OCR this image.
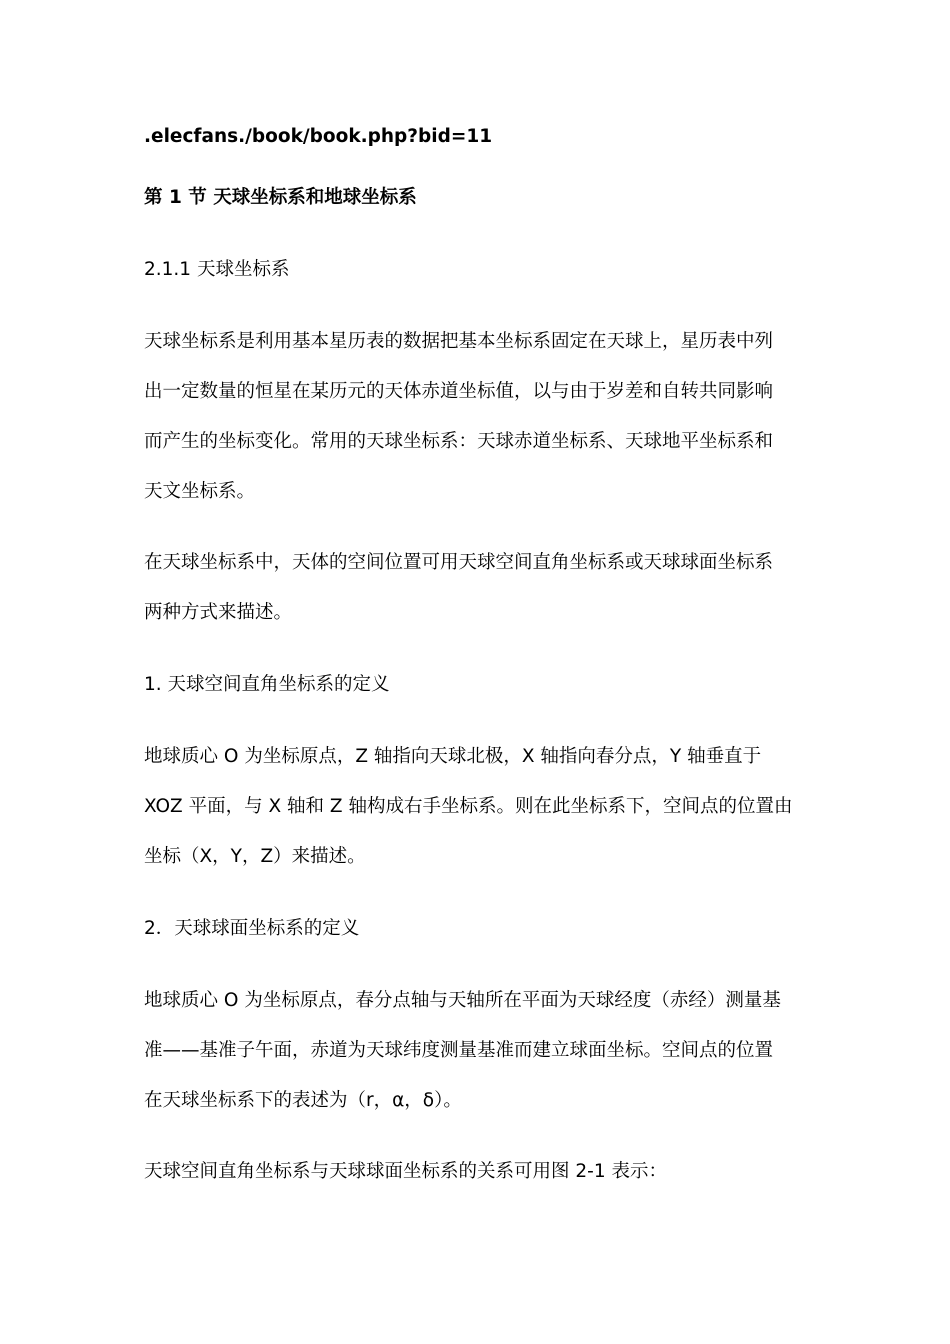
.elecfans./book/book.php?bid=11
第 1 节 天球坐标系和地球坐标系
2.1.1 天球坐标系
天球坐标系是利用基本星历表的数据把基本坐标系固定在天球上，星历表中列
出一定数量的恒星在某历元的天体赤道坐标值，以与由于岁差和自转共同影响
而产生的坐标变化。常用的天球坐标系：天球赤道坐标系、天球地平坐标系和
天文坐标系。
在天球坐标系中，天体的空间位置可用天球空间直角坐标系或天球球面坐标系
两种方式来描述。
1. 天球空间直角坐标系的定义
地球质心 O 为坐标原点，Z 轴指向天球北极，X 轴指向春分点，Y 轴垂直于
XOZ 平面，与 X 轴和 Z 轴构成右手坐标系。则在此坐标系下，空间点的位置由
坐标（X，Y，Z）来描述。
2．天球球面坐标系的定义
地球质心 O 为坐标原点，春分点轴与天轴所在平面为天球经度（赤经）测量基
准——基准子午面，赤道为天球纬度测量基准而建立球面坐标。空间点的位置
在天球坐标系下的表述为（r，α，δ）。
天球空间直角坐标系与天球球面坐标系的关系可用图 2-1 表示：
